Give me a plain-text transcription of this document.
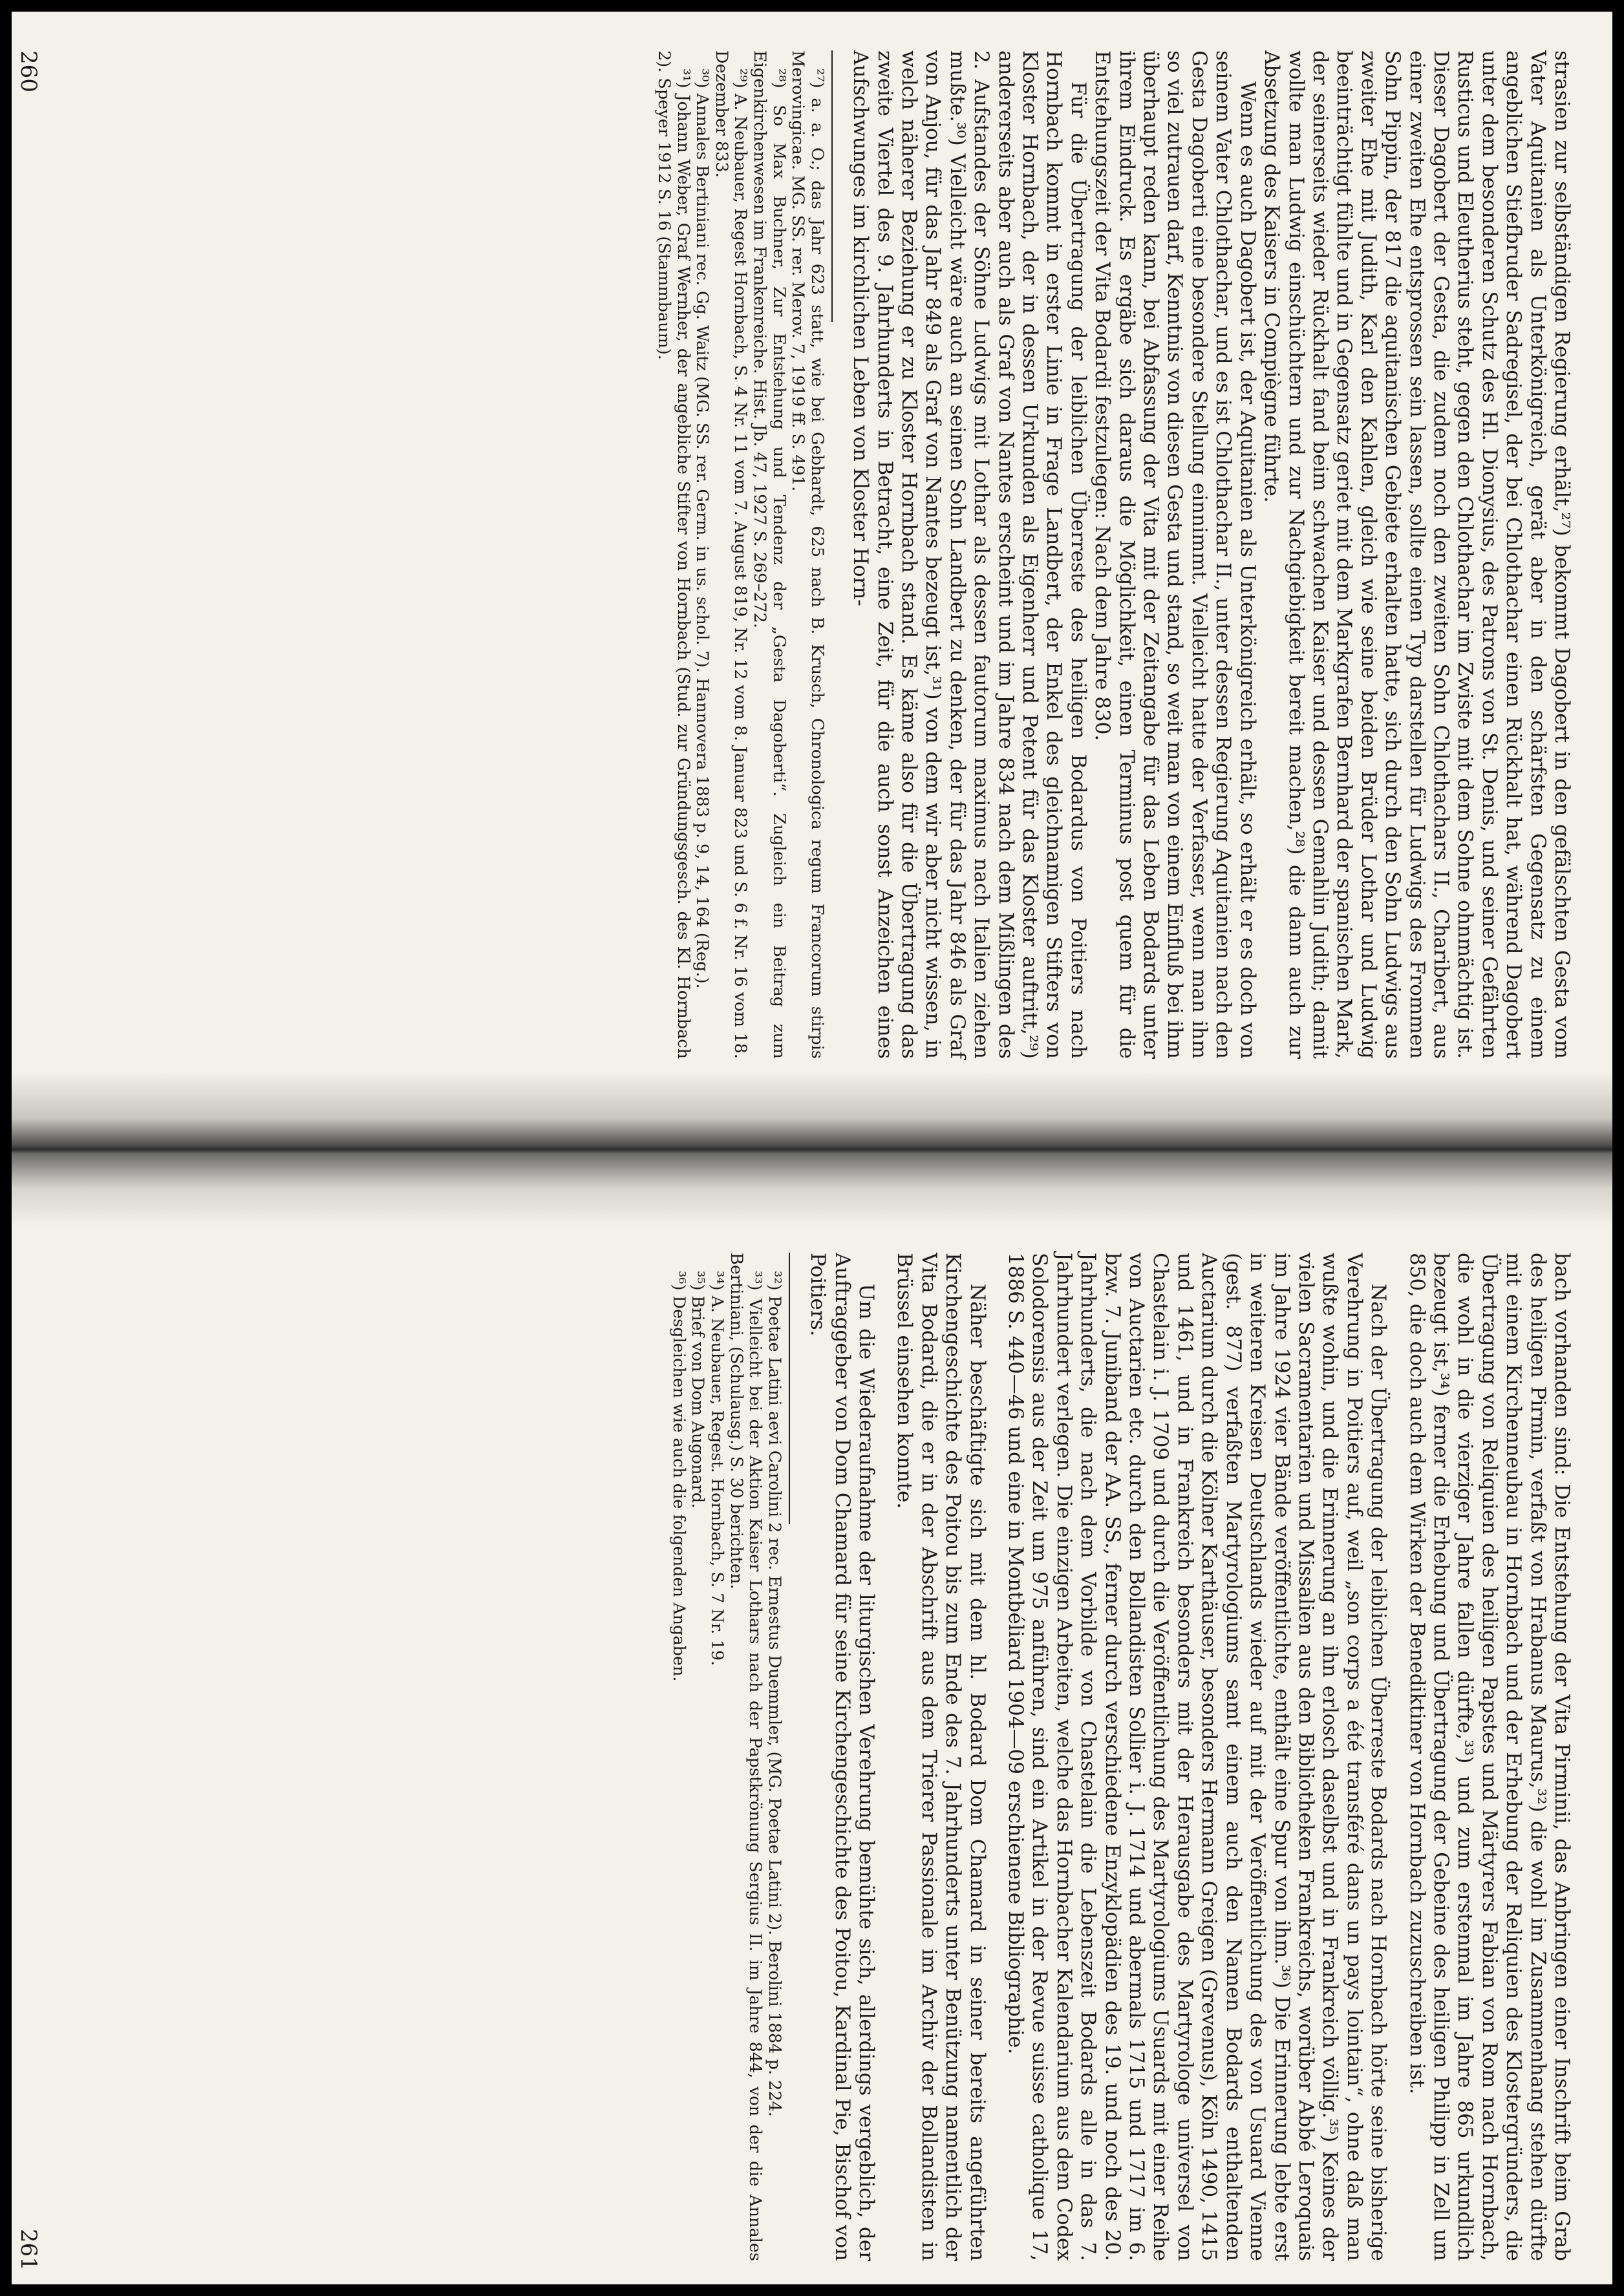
strasien zur selbständigen Regierung erhält,²⁷) bekommt Dagobert in den gefälschten Gesta vom Vater Aquitanien als Unterkönigreich, gerät aber in den schärfsten Gegensatz zu einem angeblichen Stiefbruder Sadregisel, der bei Chlothachar einen Rückhalt hat, während Dagobert unter dem besonderen Schutz des Hl. Dionysius, des Patrons von St. Denis, und seiner Gefährten Rusticus und Eleutherius steht, gegen den Chlothachar im Zwiste mit dem Sohne ohnmächtig ist. Dieser Dagobert der Gesta, die zudem noch den zweiten Sohn Chlothachars II., Charibert, aus einer zweiten Ehe entsprossen sein lassen, sollte einen Typ darstellen für Ludwigs des Frommen Sohn Pippin, der 817 die aquitanischen Gebiete erhalten hatte, sich durch den Sohn Ludwigs aus zweiter Ehe mit Judith, Karl den Kahlen, gleich wie seine beiden Brüder Lothar und Ludwig beeinträchtigt fühlte und in Gegensatz geriet mit dem Markgrafen Bernhard der spanischen Mark, der seinerseits wieder Rückhalt fand beim schwachen Kaiser und dessen Gemahlin Judith; damit wollte man Ludwig einschüchtern und zur Nachgiebigkeit bereit machen,²⁸) die dann auch zur Absetzung des Kaisers in Compiègne führte.

Wenn es auch Dagobert ist, der Aquitanien als Unterkönigreich erhält, so erhält er es doch von seinem Vater Chlothachar, und es ist Chlothachar II., unter dessen Regierung Aquitanien nach den Gesta Dagoberti eine besondere Stellung einnimmt. Vielleicht hatte der Verfasser, wenn man ihm so viel zutrauen darf, Kenntnis von diesen Gesta und stand, so weit man von einem Einfluß bei ihm überhaupt reden kann, bei Abfassung der Vita mit der Zeitangabe für das Leben Bodards unter ihrem Eindruck. Es ergäbe sich daraus die Möglichkeit, einen Terminus post quem für die Entstehungszeit der Vita Bodardi festzulegen: Nach dem Jahre 830.

Für die Übertragung der leiblichen Überreste des heiligen Bodardus von Poitiers nach Hornbach kommt in erster Linie in Frage Landbert, der Enkel des gleichnamigen Stifters von Kloster Hornbach, der in dessen Urkunden als Eigenherr und Petent für das Kloster auftritt,²⁹) andererseits aber auch als Graf von Nantes erscheint und im Jahre 834 nach dem Mißlingen des 2. Aufstandes der Söhne Ludwigs mit Lothar als dessen fautorum maximus nach Italien ziehen mußte.³⁰) Vielleicht wäre auch an seinen Sohn Landbert zu denken, der für das Jahr 846 als Graf von Anjou, für das Jahr 849 als Graf von Nantes bezeugt ist,³¹) von dem wir aber nicht wissen, in welch näherer Beziehung er zu Kloster Hornbach stand. Es käme also für die Übertragung das zweite Viertel des 9. Jahrhunderts in Betracht, eine Zeit, für die auch sonst Anzeichen eines Aufschwunges im kirchlichen Leben von Kloster Horn-

²⁷) a. a. O.; das Jahr 623 statt, wie bei Gebhardt, 625 nach B. Krusch, Chronologica regum Francorum stirpis Merovingicae. MG. SS. rer. Merov. 7, 1919 ff. S. 491.

²⁸) So Max Buchner, Zur Entstehung und Tendenz der „Gesta Dagoberti“. Zugleich ein Beitrag zum Eigenkirchenwesen im Frankenreiche. Hist. Jb. 47, 1927 S. 269–272.

²⁹) A. Neubauer, Regest Hornbach, S. 4 Nr. 11 vom 7. August 819, Nr. 12 vom 8. Januar 823 und S. 6 f. Nr. 16 vom 18. Dezember 833.

³⁰) Annales Bertiniani rec. Gg. Waitz (MG. SS. rer. Germ. in us. schol. 7). Hannovera 1883 p. 9, 14, 164 (Reg.).

³¹) Johann Weber, Graf Wernher, der angebliche Stifter von Hornbach (Stud. zur Gründungsgesch. des Kl. Hornbach 2). Speyer 1912 S. 16 (Stammbaum).

260

bach vorhanden sind: Die Entstehung der Vita Pirminii, das Anbringen einer Inschrift beim Grab des heiligen Pirmin, verfaßt von Hrabanus Maurus,³²) die wohl im Zusammenhang stehen dürfte mit einem Kirchenneubau in Hornbach und der Erhebung der Reliquien des Klostergründers, die Übertragung von Reliquien des heiligen Papstes und Märtyrers Fabian von Rom nach Hornbach, die wohl in die vierziger Jahre fallen dürfte,³³) und zum erstenmal im Jahre 865 urkundlich bezeugt ist,³⁴) ferner die Erhebung und Übertragung der Gebeine des heiligen Philipp in Zell um 850, die doch auch dem Wirken der Benediktiner von Hornbach zuzuschreiben ist.

Nach der Übertragung der leiblichen Überreste Bodards nach Hornbach hörte seine bisherige Verehrung in Poitiers auf, weil „son corps a été transféré dans un pays lointain“, ohne daß man wußte wohin, und die Erinnerung an ihn erlosch daselbst und in Frankreich völlig.³⁵) Keines der vielen Sacramentarien und Missalien aus den Bibliotheken Frankreichs, worüber Abbé Leroquais im Jahre 1924 vier Bände veröffentlichte, enthält eine Spur von ihm.³⁶) Die Erinnerung lebte erst in weiteren Kreisen Deutschlands wieder auf mit der Veröffentlichung des von Usuard Vienne (gest. 877) verfaßten Martyrologiums samt einem auch den Namen Bodards enthaltenden Auctarium durch die Kölner Karthäuser, besonders Hermann Greigen (Grevenus), Köln 1490, 1415 und 1461, und in Frankreich besonders mit der Herausgabe des Martyrologe universel von Chastelain i. J. 1709 und durch die Veröffentlichung des Martyrologiums Usuards mit einer Reihe von Auctarien etc. durch den Bollandisten Sollier i. J. 1714 und abermals 1715 und 1717 im 6. bzw. 7. Juniband der AA. SS., ferner durch verschiedene Enzyklopädien des 19. und noch des 20. Jahrhunderts, die nach dem Vorbilde von Chastelain die Lebenszeit Bodards alle in das 7. Jahrhundert verlegen. Die einzigen Arbeiten, welche das Hornbacher Kalendarium aus dem Codex Solodorensis aus der Zeit um 975 anführen, sind ein Artikel in der Revue suisse catholique 17, 1886 S. 440—46 und eine in Montbéliard 1904—09 erschienene Bibliographie.

Näher beschäftigte sich mit dem hl. Bodard Dom Chamard in seiner bereits angeführten Kirchengeschichte des Poitou bis zum Ende des 7. Jahrhunderts unter Benützung namentlich der Vita Bodardi, die er in der Abschrift aus dem Trierer Passionale im Archiv der Bollandisten in Brüssel einsehen konnte.

Um die Wiederaufnahme der liturgischen Verehrung bemühte sich, allerdings vergeblich, der Auftraggeber von Dom Chamard für seine Kirchengeschichte des Poitou, Kardinal Pie, Bischof von Poitiers.

³²) Poetae Latini aevi Carolini 2 rec. Ernestus Duemmler, (MG. Poetae Latini 2). Berolini 1884 p. 224.

³³) Vielleicht bei der Aktion Kaiser Lothars nach der Papstkrönung Sergius II. im Jahre 844, von der die Annales Bertiniani, (Schulausg.) S. 30 berichten.

³⁴) A. Neubauer, Regest. Hornbach, S. 7 Nr. 19.

³⁵) Brief von Dom Augonard.

³⁶) Desgleichen wie auch die folgenden Angaben.

261
